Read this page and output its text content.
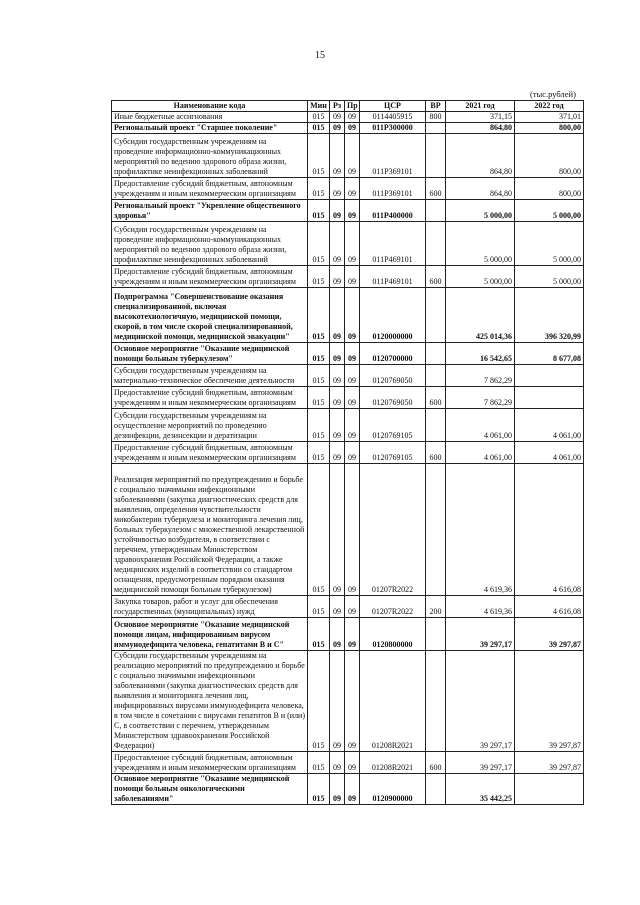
15
(тыс.рублей)
Наименование кода	Мин	Рз	Пр	ЦСР	ВР	2021 год	2022 год
Иные бюджетные ассигнования	015	09	09	0114405915	800	371,15	371,01
Региональный проект "Старшее поколение"	015	09	09	011P300000		864,80	800,00
Субсидии государственным учреждениям на проведение информационно-коммуникационных мероприятий по ведению здорового образа жизни, профилактике неинфекционных заболеваний	015	09	09	011P369101		864,80	800,00
Предоставление субсидий бюджетным, автономным учреждениям и иным некоммерческим организациям	015	09	09	011P369101	600	864,80	800,00
Региональный проект "Укрепление общественного здоровья"	015	09	09	011P400000		5 000,00	5 000,00
Субсидии государственным учреждениям на проведение информационно-коммуникационных мероприятий по ведению здорового образа жизни, профилактике неинфекционных заболеваний	015	09	09	011P469101		5 000,00	5 000,00
Предоставление субсидий бюджетным, автономным учреждениям и иным некоммерческим организациям	015	09	09	011P469101	600	5 000,00	5 000,00
Подпрограмма "Совершенствование оказания специализированной, включая высокотехнологичную, медицинской помощи, скорой, в том числе скорой специализированной, медицинской помощи, медицинской эвакуации"	015	09	09	0120000000		425 014,36	396 320,99
Основное мероприятие "Оказание медицинской помощи больным туберкулезом"	015	09	09	0120700000		16 542,65	8 677,08
Субсидии государственным учреждениям на материально-техническое обеспечение деятельности	015	09	09	0120769050		7 862,29	
Предоставление субсидий бюджетным, автономным учреждениям и иным некоммерческим организациям	015	09	09	0120769050	600	7 862,29	
Субсидии государственным учреждениям на осуществление мероприятий по проведению дезинфекции, дезинсекции и дератизации	015	09	09	0120769105		4 061,00	4 061,00
Предоставление субсидий бюджетным, автономным учреждениям и иным некоммерческим организациям	015	09	09	0120769105	600	4 061,00	4 061,00
Реализация мероприятий по предупреждению и борьбе с социально значимыми инфекционными заболеваниями (закупка диагностических средств для выявления, определения чувствительности микобактерии туберкулеза и мониторинга лечения лиц, больных туберкулезом с множественной лекарственной устойчивостью возбудителя, в соответствии с перечнем, утвержденным Министерством здравоохранения Российской Федерации, а также медицинских изделий в соответствии со стандартом оснащения, предусмотренным порядком оказания медицинской помощи больным туберкулезом)	015	09	09	01207R2022		4 619,36	4 616,08
Закупка товаров, работ и услуг для обеспечения государственных (муниципальных) нужд	015	09	09	01207R2022	200	4 619,36	4 616,08
Основное мероприятие "Оказание медицинской помощи лицам, инфицированным вирусом иммунодефицита человека, гепатитами B и C"	015	09	09	0120800000		39 297,17	39 297,87
Субсидии государственным учреждениям на реализацию мероприятий по предупреждению и борьбе с социально значимыми инфекционными заболеваниями (закупка диагностических средств для выявления и мониторинга лечения лиц, инфицированных вирусами иммунодефицита человека, в том числе в сочетании с вирусами гепатитов B и (или) C, в соответствии с перечнем, утвержденным Министерством здравоохранения Российской Федерации)	015	09	09	01208R2021		39 297,17	39 297,87
Предоставление субсидий бюджетным, автономным учреждениям и иным некоммерческим организациям	015	09	09	01208R2021	600	39 297,17	39 297,87
Основное мероприятие "Оказание медицинской помощи больным онкологическими заболеваниями"	015	09	09	0120900000		35 442,25	
